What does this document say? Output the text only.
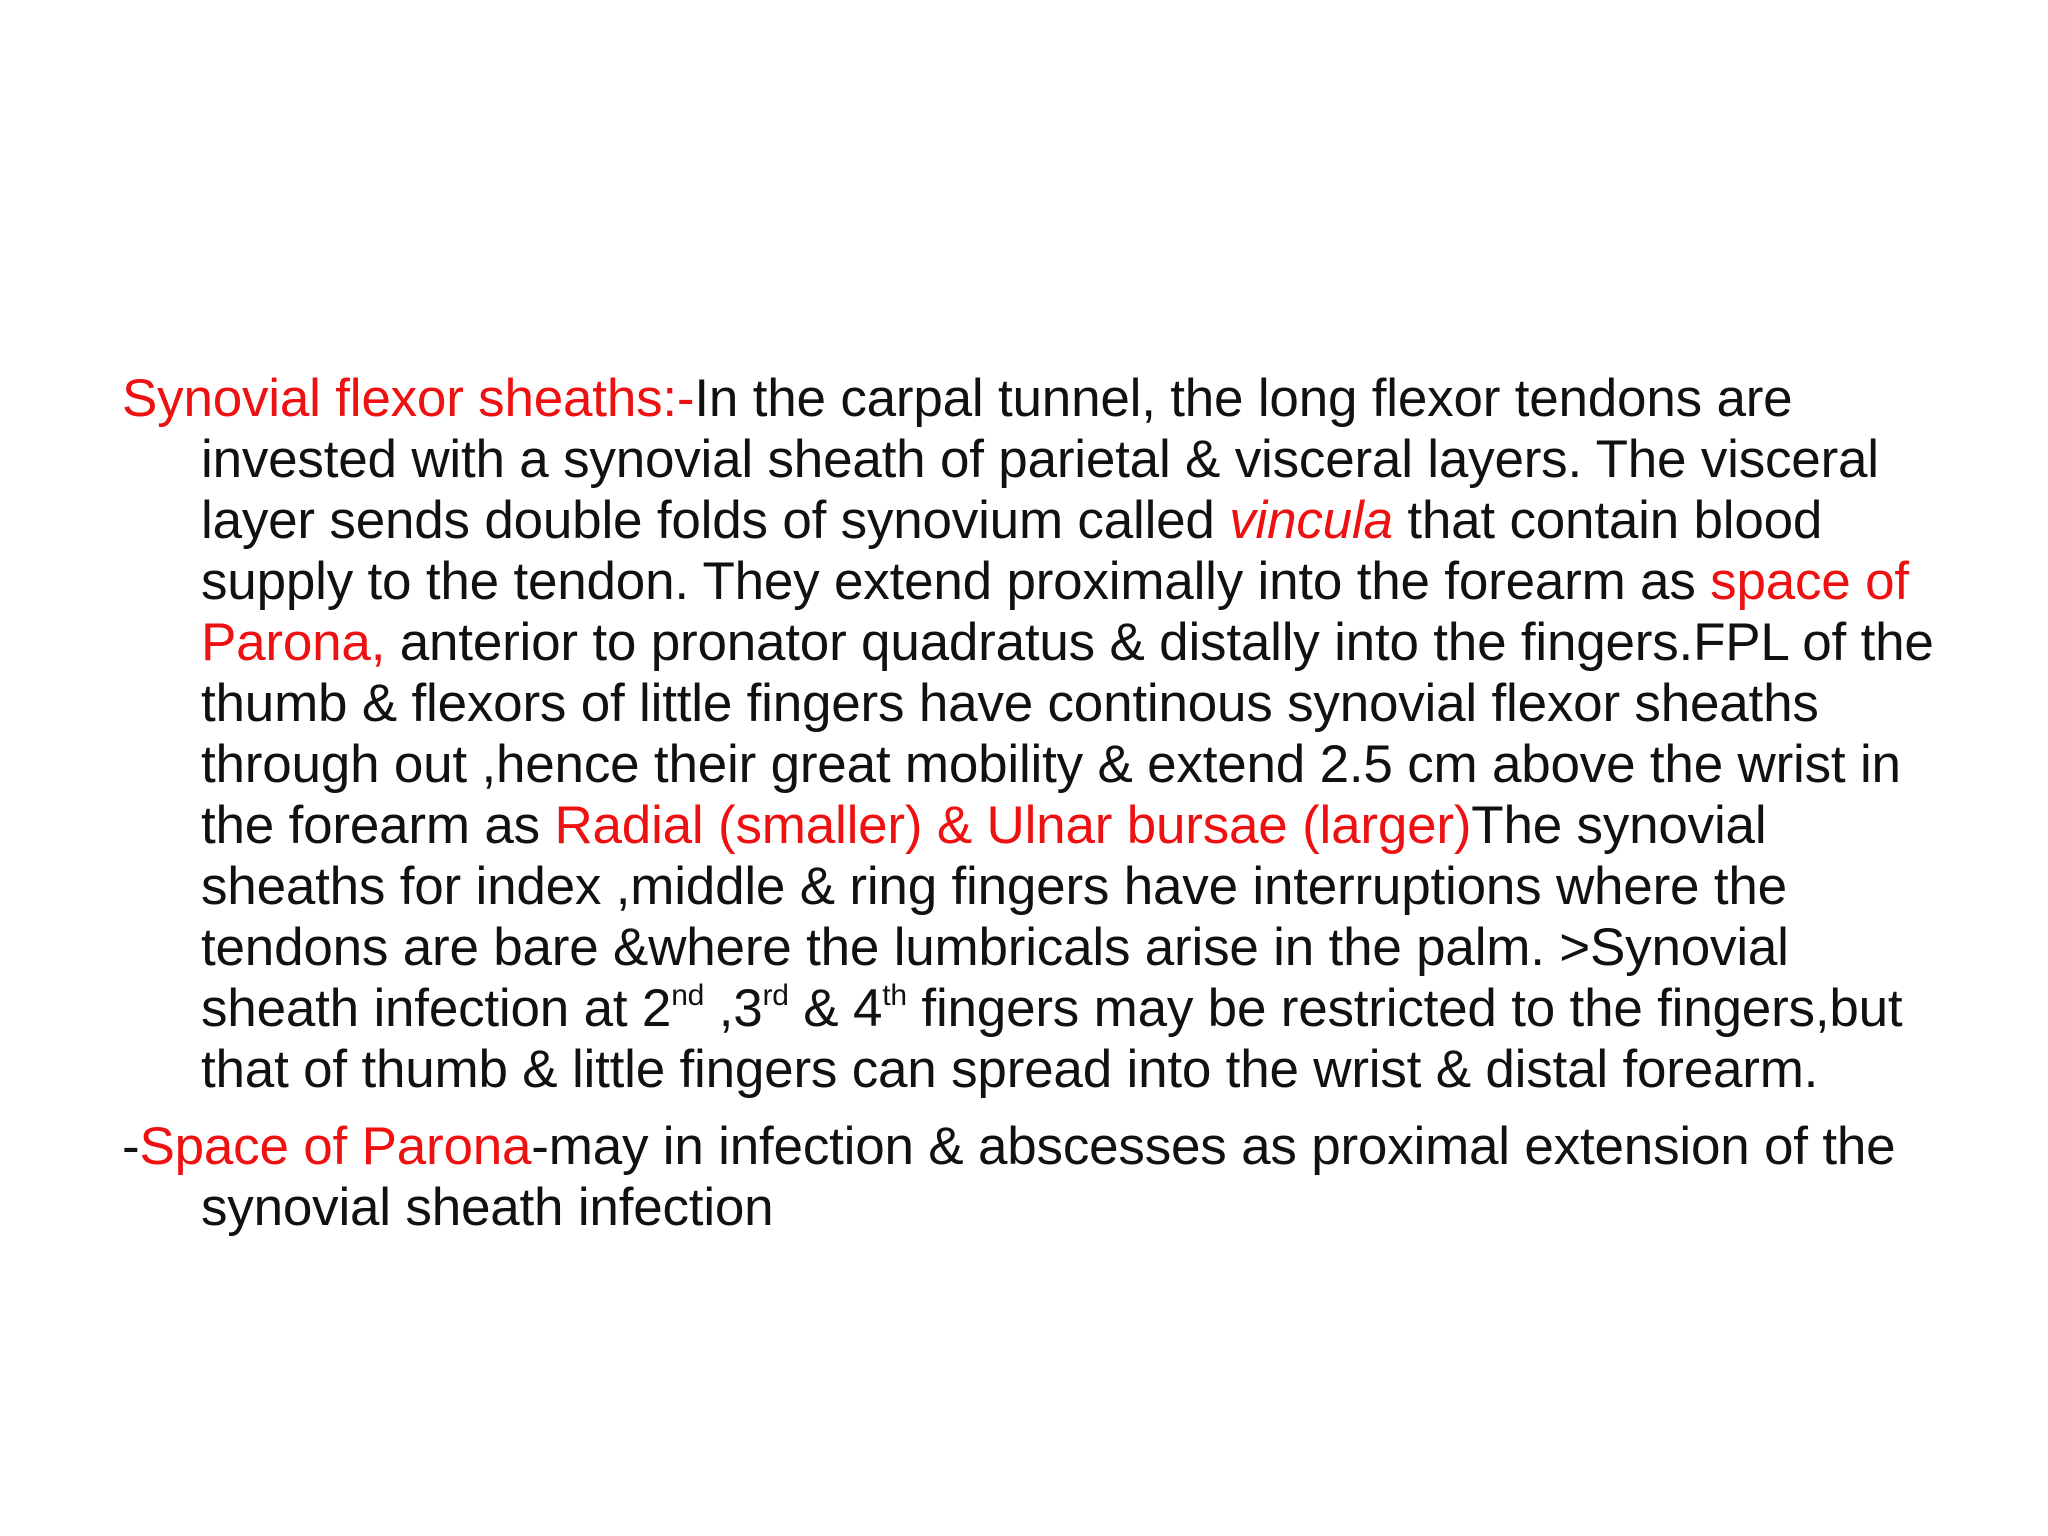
Synovial flexor sheaths:-In the carpal tunnel, the long flexor tendons are invested with a synovial sheath of parietal & visceral layers. The visceral layer sends double folds of synovium called vincula that contain blood supply to the tendon. They extend proximally into the forearm as space of Parona, anterior to pronator quadratus & distally into the fingers.FPL of the thumb & flexors of little fingers have continous synovial flexor sheaths through out ,hence their great mobility & extend 2.5 cm above the wrist in the forearm as Radial (smaller) & Ulnar bursae (larger)The synovial sheaths for index ,middle & ring fingers have interruptions where the tendons are bare &where the lumbricals arise in the palm. >Synovial sheath infection at 2nd ,3rd & 4th fingers may be restricted to the fingers,but that of thumb & little fingers can spread into the wrist & distal forearm.

-Space of Parona-may in infection & abscesses as proximal extension of the synovial sheath infection
